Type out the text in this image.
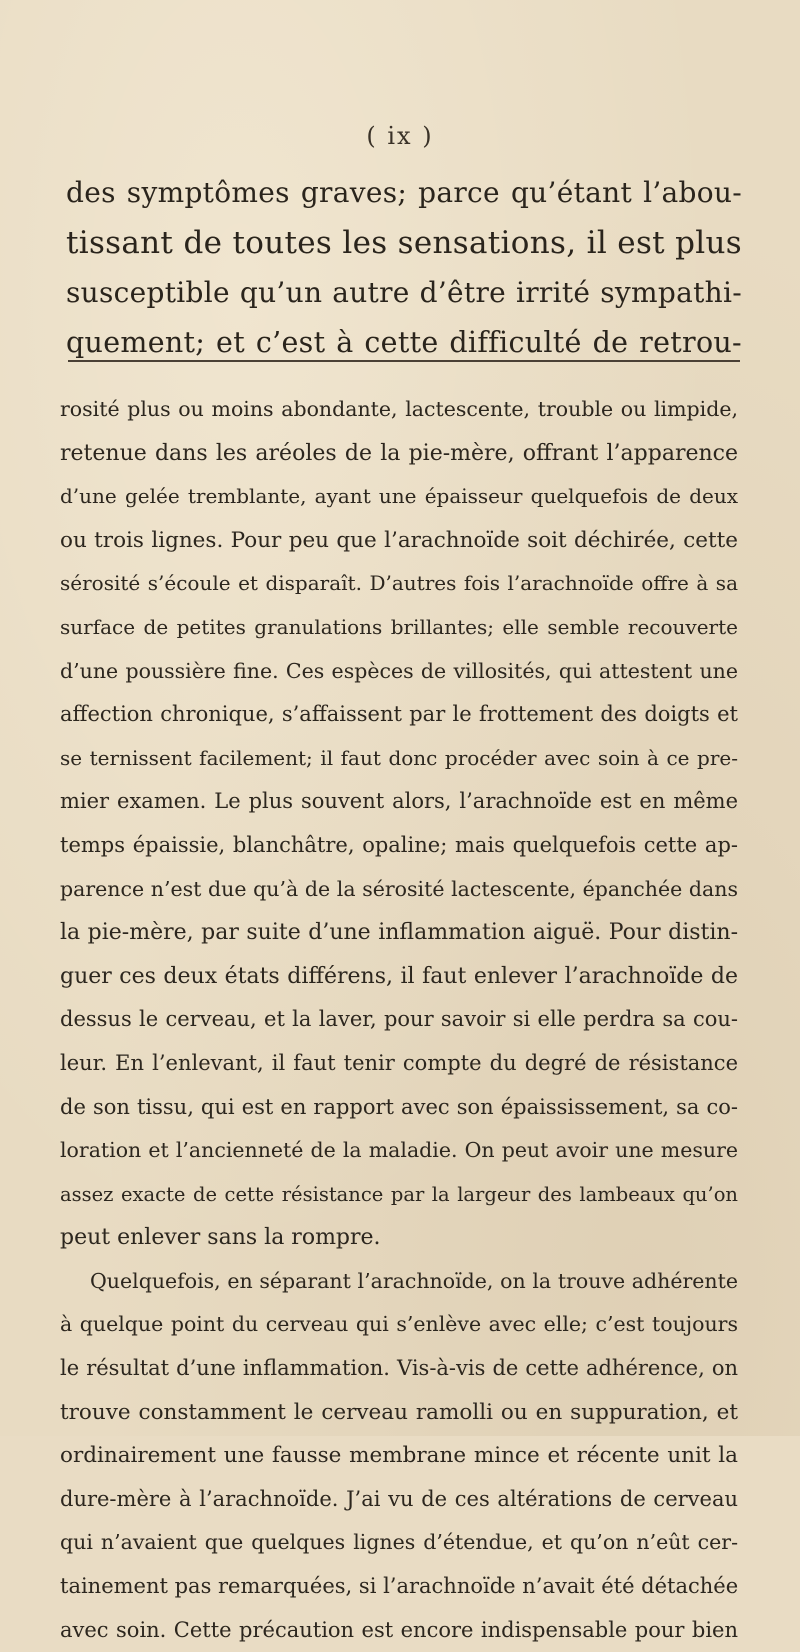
( ix )
des symptômes graves; parce qu’étant l’abou-
tissant de toutes les sensations, il est plus
susceptible qu’un autre d’être irrité sympathi-
quement; et c’est à cette difficulté de retrou-
rosité plus ou moins abondante, lactescente, trouble ou limpide,
retenue dans les aréoles de la pie-mère, offrant l’apparence
d’une gelée tremblante, ayant une épaisseur quelquefois de deux
ou trois lignes. Pour peu que l’arachnoïde soit déchirée, cette
sérosité s’écoule et disparaît. D’autres fois l’arachnoïde offre à sa
surface de petites granulations brillantes; elle semble recouverte
d’une poussière fine. Ces espèces de villosités, qui attestent une
affection chronique, s’affaissent par le frottement des doigts et
se ternissent facilement; il faut donc procéder avec soin à ce pre-
mier examen. Le plus souvent alors, l’arachnoïde est en même
temps épaissie, blanchâtre, opaline; mais quelquefois cette ap-
parence n’est due qu’à de la sérosité lactescente, épanchée dans
la pie-mère, par suite d’une inflammation aiguë. Pour distin-
guer ces deux états différens, il faut enlever l’arachnoïde de
dessus le cerveau, et la laver, pour savoir si elle perdra sa cou-
leur. En l’enlevant, il faut tenir compte du degré de résistance
de son tissu, qui est en rapport avec son épaississement, sa co-
loration et l’ancienneté de la maladie. On peut avoir une mesure
assez exacte de cette résistance par la largeur des lambeaux qu’on
peut enlever sans la rompre.
Quelquefois, en séparant l’arachnoïde, on la trouve adhérente
à quelque point du cerveau qui s’enlève avec elle; c’est toujours
le résultat d’une inflammation. Vis-à-vis de cette adhérence, on
trouve constamment le cerveau ramolli ou en suppuration, et
ordinairement une fausse membrane mince et récente unit la
dure-mère à l’arachnoïde. J’ai vu de ces altérations de cerveau
qui n’avaient que quelques lignes d’étendue, et qu’on n’eût cer-
tainement pas remarquées, si l’arachnoïde n’avait été détachée
avec soin. Cette précaution est encore indispensable pour bien
